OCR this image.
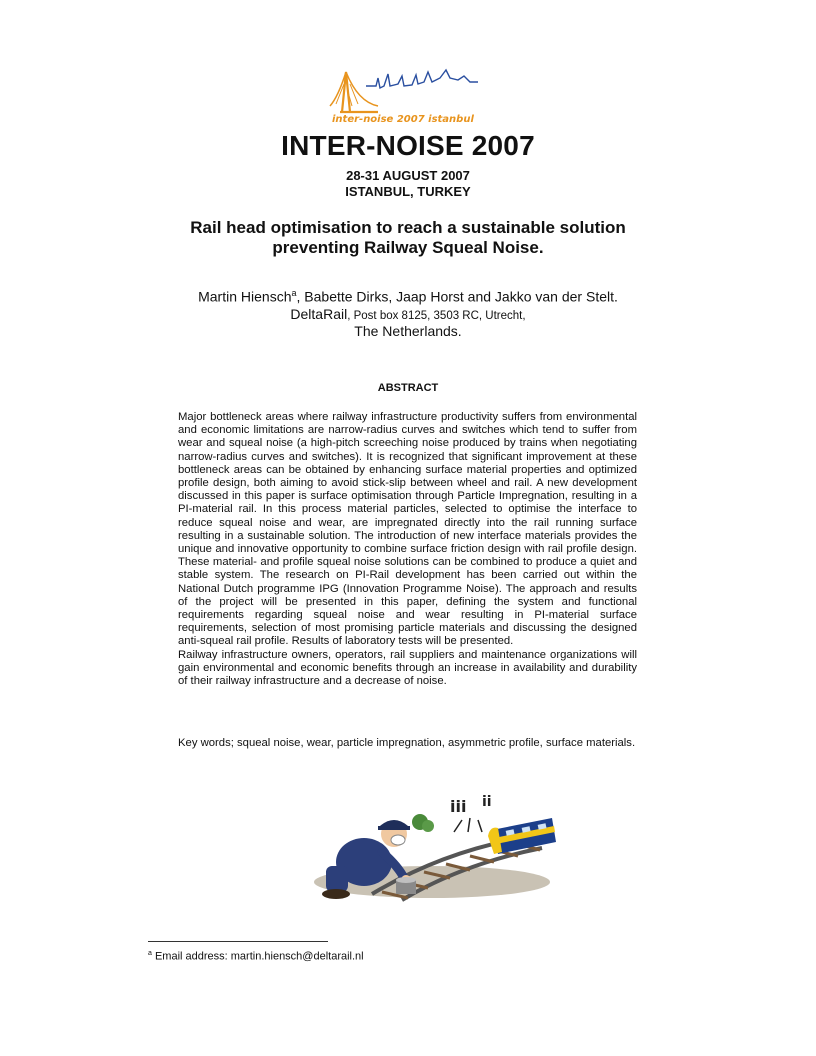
inter-noise 2007 istanbul
INTER-NOISE 2007
28-31 AUGUST 2007
ISTANBUL, TURKEY
Rail head optimisation to reach a sustainable solution
preventing Railway Squeal Noise.
Martin Hiensch$^a$, Babette Dirks, Jaap Horst and Jakko van der Stelt.
DeltaRail, Post box 8125, 3503 RC, Utrecht,
The Netherlands.
ABSTRACT

Major bottleneck areas where railway infrastructure productivity suffers from environmental and economic limitations are narrow-radius curves and switches which tend to suffer from wear and squeal noise (a high-pitch screeching noise produced by trains when negotiating narrow-radius curves and switches). It is recognized that significant improvement at these bottleneck areas can be obtained by enhancing surface material properties and optimized profile design, both aiming to avoid stick-slip between wheel and rail. A new development discussed in this paper is surface optimisation through Particle Impregnation, resulting in a PI-material rail. In this process material particles, selected to optimise the interface to reduce squeal noise and wear, are impregnated directly into the rail running surface resulting in a sustainable solution. The introduction of new interface materials provides the unique and innovative opportunity to combine surface friction design with rail profile design. These material- and profile squeal noise solutions can be combined to produce a quiet and stable system. The research on PI-Rail development has been carried out within the National Dutch programme IPG (Innovation Programme Noise). The approach and results of the project will be presented in this paper, defining the system and functional requirements regarding squeal noise and wear resulting in PI-material surface requirements, selection of most promising particle materials and discussing the designed anti-squeal rail profile. Results of laboratory tests will be presented.

Railway infrastructure owners, operators, rail suppliers and maintenance organizations will gain environmental and economic benefits through an increase in availability and durability of their railway infrastructure and a decrease of noise.

Key words; squeal noise, wear, particle impregnation, asymmetric profile, surface materials.
iii ii
$^a$ Email address: martin.hiensch@deltarail.nl
